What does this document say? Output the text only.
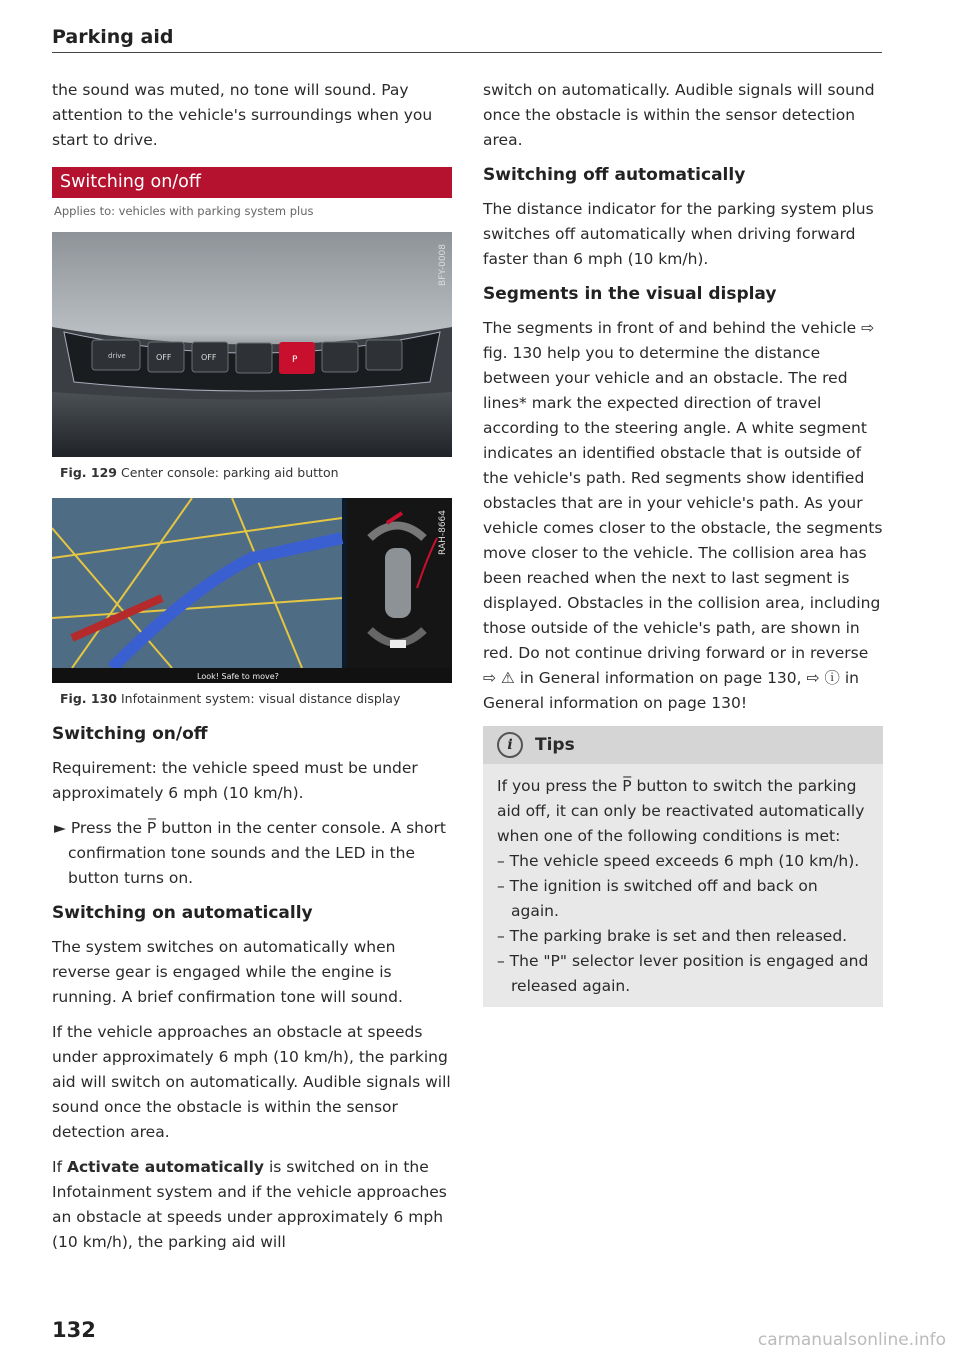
Parking aid

the sound was muted, no tone will sound. Pay attention to the vehicle's surroundings when you start to drive.

Switching on/off
Applies to: vehicles with parking system plus
drive	OFF	OFF	P
BFY-0008
Fig. 129 Center console: parking aid button
Look! Safe to move?
RAH-8664
Fig. 130 Infotainment system: visual distance display
Switching on/off

Requirement: the vehicle speed must be under approximately 6 mph (10 km/h).

► Press the P̅ button in the center console. A short confirmation tone sounds and the LED in the button turns on.
Switching on automatically

The system switches on automatically when reverse gear is engaged while the engine is running. A brief confirmation tone will sound.

If the vehicle approaches an obstacle at speeds under approximately 6 mph (10 km/h), the parking aid will switch on automatically. Audible signals will sound once the obstacle is within the sensor detection area.

If Activate automatically is switched on in the Infotainment system and if the vehicle approaches an obstacle at speeds under approximately 6 mph (10 km/h), the parking aid will

switch on automatically. Audible signals will sound once the obstacle is within the sensor detection area.

Switching off automatically

The distance indicator for the parking system plus switches off automatically when driving forward faster than 6 mph (10 km/h).

Segments in the visual display

The segments in front of and behind the vehicle ⇨ fig. 130 help you to determine the distance between your vehicle and an obstacle. The red lines* mark the expected direction of travel according to the steering angle. A white segment indicates an identified obstacle that is outside of the vehicle's path. Red segments show identified obstacles that are in your vehicle's path. As your vehicle comes closer to the obstacle, the segments move closer to the vehicle. The collision area has been reached when the next to last segment is displayed. Obstacles in the collision area, including those outside of the vehicle's path, are shown in red. Do not continue driving forward or in reverse ⇨ ⚠ in General information on page 130, ⇨ ⓘ in General information on page 130!

i	Tips
If you press the P̅ button to switch the parking aid off, it can only be reactivated automatically when one of the following conditions is met:
– The vehicle speed exceeds 6 mph (10 km/h).
– The ignition is switched off and back on again.
– The parking brake is set and then released.
– The "P" selector lever position is engaged and released again.
132	carmanualsonline.info
